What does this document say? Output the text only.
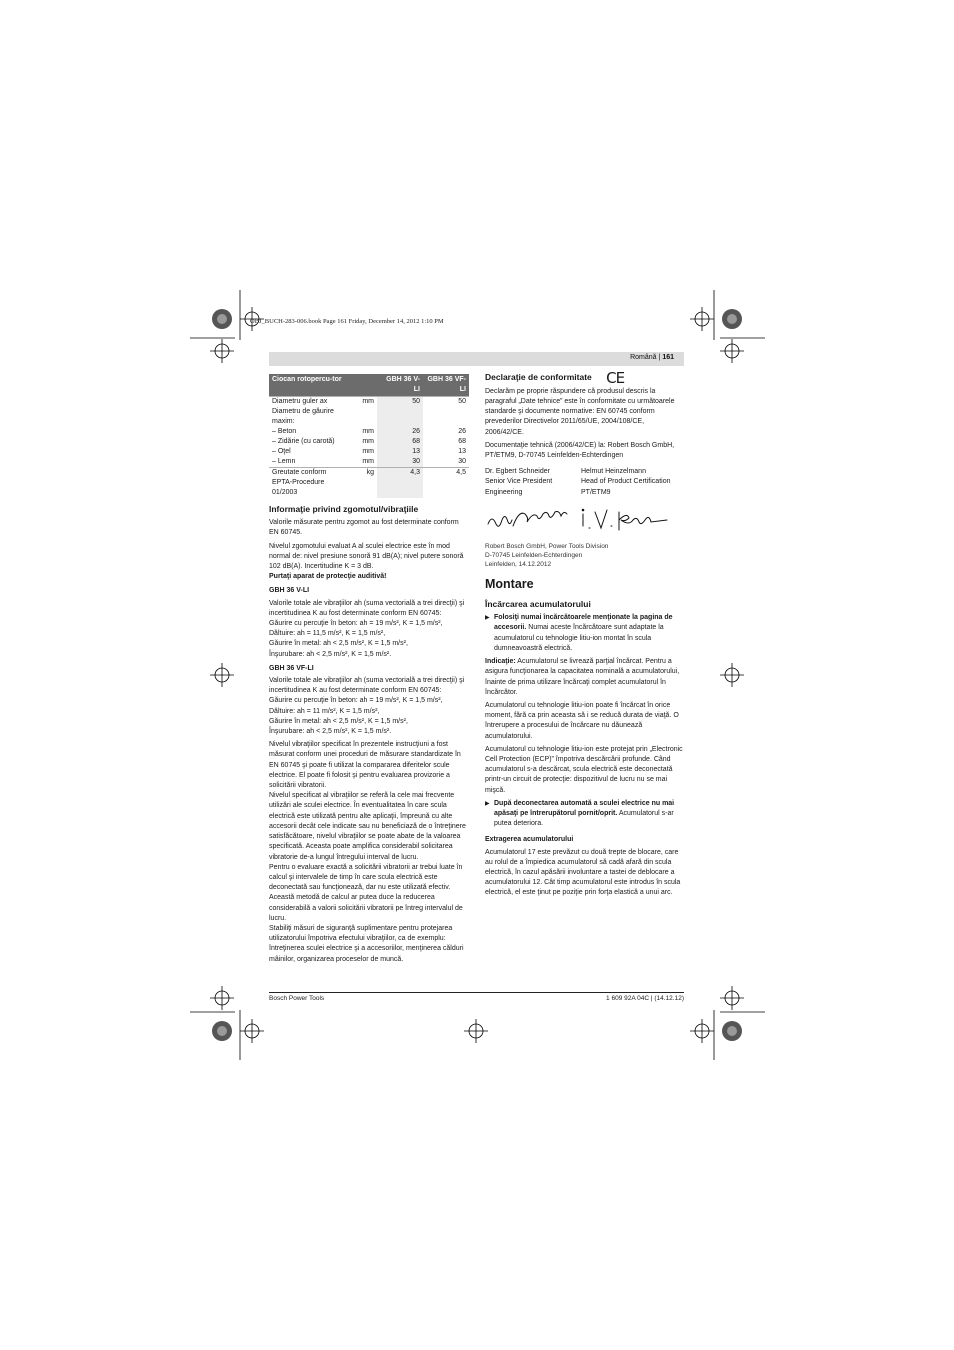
OBJ_BUCH-283-006.book Page 161 Friday, December 14, 2012 1:10 PM
Română | 161
Ciocan rotopercu-tor		GBH 36 V-LI	GBH 36 VF-LI
Diametru guler ax	mm	50	50
Diametru de găurire maxim:			
– Beton	mm	26	26
– Zidărie (cu carotă)	mm	68	68
– Oţel	mm	13	13
– Lemn	mm	30	30
Greutate conform EPTA-Procedure 01/2003	kg	4,3	4,5
Informaţie privind zgomotul/vibraţiile

Valorile măsurate pentru zgomot au fost determinate conform EN 60745.

Nivelul zgomotului evaluat A al sculei electrice este în mod normal de: nivel presiune sonoră 91 dB(A); nivel putere sonoră 102 dB(A). Incertitudine K = 3 dB.

Purtaţi aparat de protecţie auditivă!

GBH 36 V-LI
Valorile totale ale vibraţiilor ah (suma vectorială a trei direcţii) şi incertitudinea K au fost determinate conform EN 60745:
Găurire cu percuţie în beton: ah = 19 m/s², K = 1,5 m/s²,
Dăltuire: ah = 11,5 m/s², K = 1,5 m/s²,
Găurire în metal: ah < 2,5 m/s², K = 1,5 m/s²,
Înşurubare: ah < 2,5 m/s², K = 1,5 m/s².
GBH 36 VF-LI
Valorile totale ale vibraţiilor ah (suma vectorială a trei direcţii) şi incertitudinea K au fost determinate conform EN 60745:
Găurire cu percuţie în beton: ah = 19 m/s², K = 1,5 m/s²,
Dăltuire: ah = 11 m/s², K = 1,5 m/s²,
Găurire în metal: ah < 2,5 m/s², K = 1,5 m/s²,
Înşurubare: ah < 2,5 m/s², K = 1,5 m/s².
Nivelul vibraţiilor specificat în prezentele instrucţiuni a fost măsurat conform unei proceduri de măsurare standardizate în EN 60745 şi poate fi utilizat la compararea diferitelor scule electrice. El poate fi folosit şi pentru evaluarea provizorie a solicitării vibratorii.
Nivelul specificat al vibraţiilor se referă la cele mai frecvente utilizări ale sculei electrice. În eventualitatea în care scula electrică este utilizată pentru alte aplicaţii, împreună cu alte accesorii decât cele indicate sau nu beneficiază de o întreţinere satisfăcătoare, nivelul vibraţiilor se poate abate de la valoarea specificată. Aceasta poate amplifica considerabil solicitarea vibratorie de-a lungul întregului interval de lucru.
Pentru o evaluare exactă a solicitării vibratorii ar trebui luate în calcul şi intervalele de timp în care scula electrică este deconectată sau funcţionează, dar nu este utilizată efectiv. Această metodă de calcul ar putea duce la reducerea considerabilă a valorii solicitării vibratorii pe întreg intervalul de lucru.
Stabiliţi măsuri de siguranţă suplimentare pentru protejarea utilizatorului împotriva efectului vibraţiilor, ca de exemplu: întreţinerea sculei electrice şi a accesoriilor, menţinerea călduri mâinilor, organizarea proceselor de muncă.
Declaraţie de conformitate CE

Declarăm pe proprie răspundere că produsul descris la paragraful „Date tehnice” este în conformitate cu următoarele standarde şi documente normative: EN 60745 conform prevederilor Directivelor 2011/65/UE, 2004/108/CE, 2006/42/CE.

Documentaţie tehnică (2006/42/CE) la: Robert Bosch GmbH, PT/ETM9, D-70745 Leinfelden-Echterdingen

Dr. Egbert Schneider
Senior Vice President
Engineering
Helmut Heinzelmann
Head of Product Certification
PT/ETM9
Robert Bosch GmbH, Power Tools Division
D-70745 Leinfelden-Echterdingen
Leinfelden, 14.12.2012
Montare
Încărcarea acumulatorului

▶ Folosiţi numai încărcătoarele menţionate la pagina de accesorii. Numai aceste încărcătoare sunt adaptate la acumulatorul cu tehnologie litiu-ion montat în scula dumneavoastră electrică.

Indicaţie: Acumulatorul se livrează parţial încărcat. Pentru a asigura funcţionarea la capacitatea nominală a acumulatorului, înainte de prima utilizare încărcaţi complet acumulatorul în încărcător.

Acumulatorul cu tehnologie litiu-ion poate fi încărcat în orice moment, fără ca prin aceasta să i se reducă durata de viaţă. O întrerupere a procesului de încărcare nu dăunează acumulatorului.

Acumulatorul cu tehnologie litiu-ion este protejat prin „Electronic Cell Protection (ECP)” împotriva descărcării profunde. Când acumulatorul s-a descărcat, scula electrică este deconectată printr-un circuit de protecţie: dispozitivul de lucru nu se mai mişcă.

▶ După deconectarea automată a sculei electrice nu mai apăsaţi pe întrerupătorul pornit/oprit. Acumulatorul s-ar putea deteriora.

Extragerea acumulatorului

Acumulatorul 17 este prevăzut cu două trepte de blocare, care au rolul de a împiedica acumulatorul să cadă afară din scula electrică, în cazul apăsării involuntare a tastei de deblocare a acumulatorului 12. Cât timp acumulatorul este introdus în scula electrică, el este ţinut pe poziţie prin forţa elastică a unui arc.

Bosch Power Tools	1 609 92A 04C | (14.12.12)
